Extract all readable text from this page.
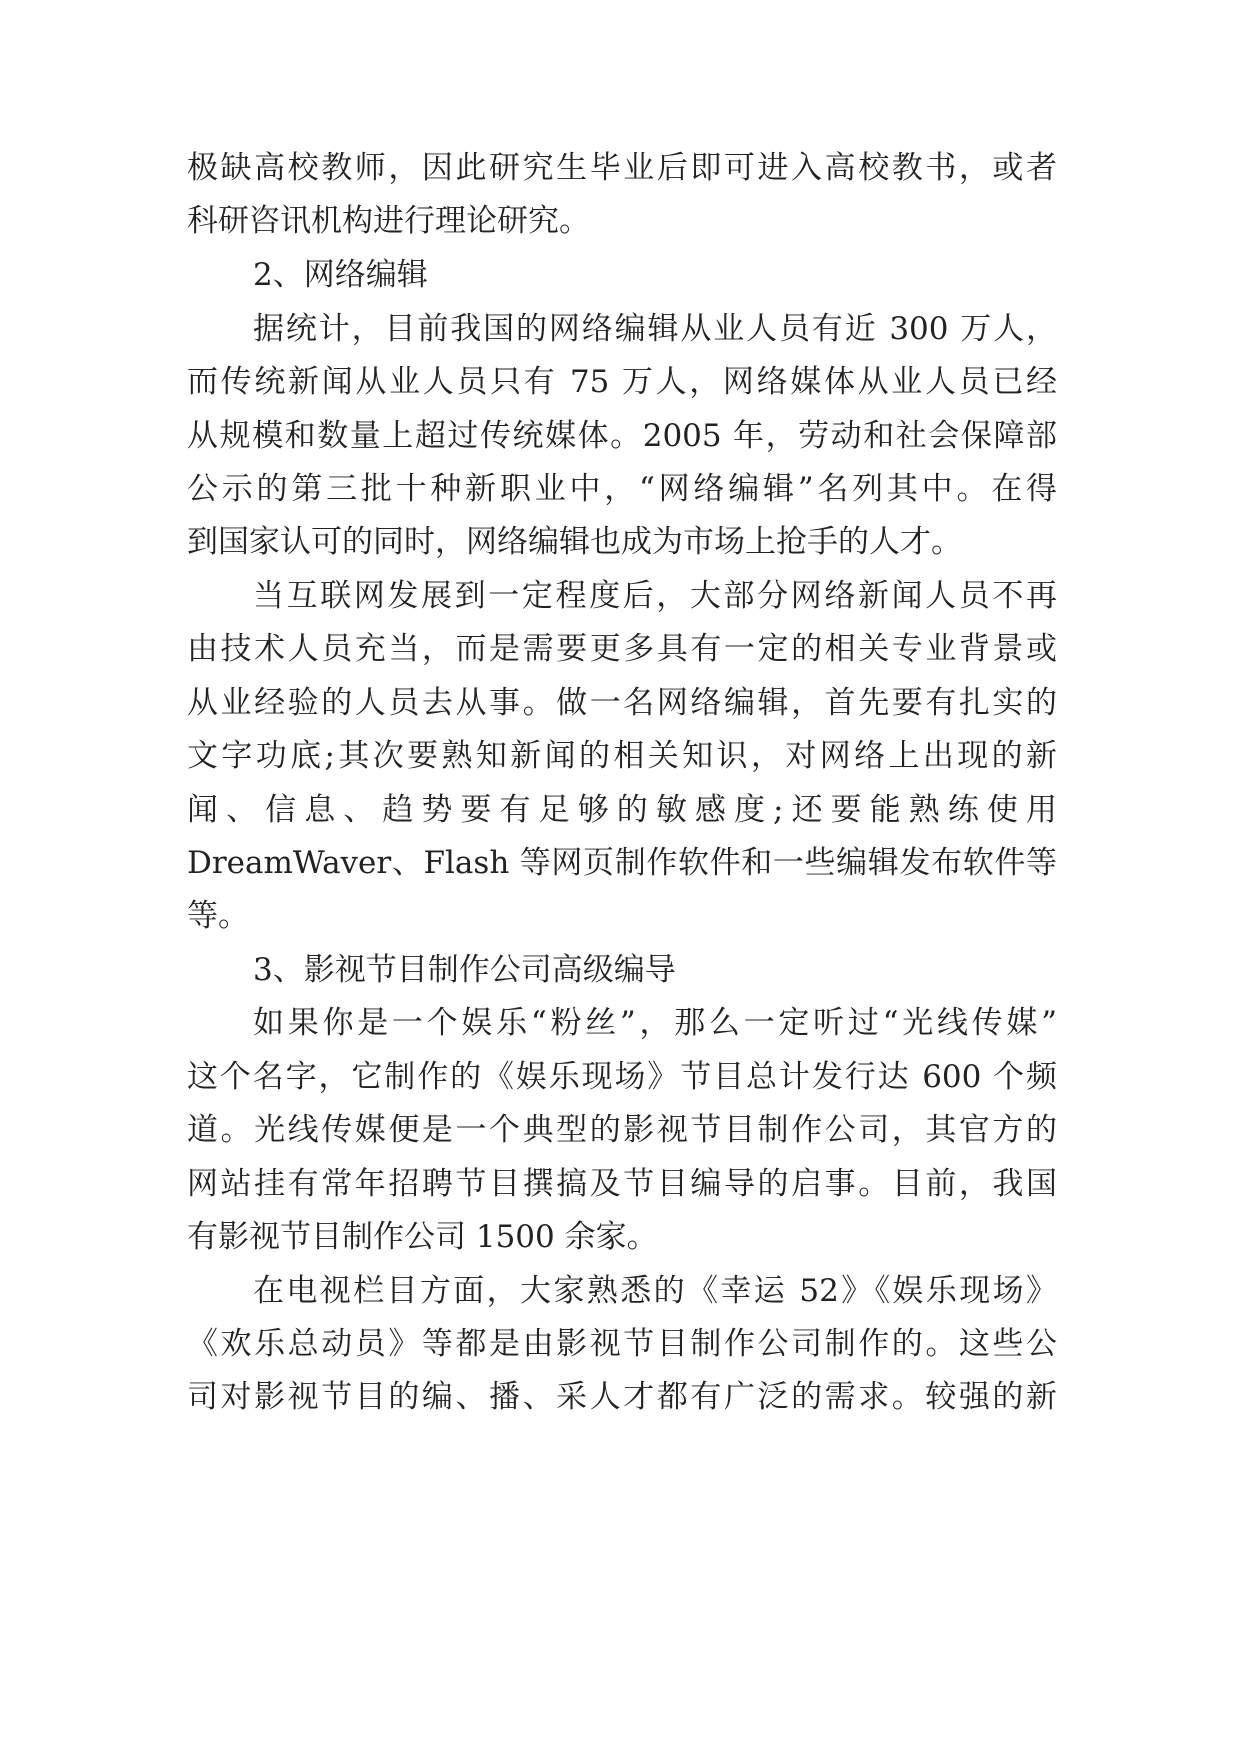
极缺高校教师，因此研究生毕业后即可进入高校教书，或者
科研咨讯机构进行理论研究。
2、网络编辑
据统计，目前我国的网络编辑从业人员有近 300 万人，
而传统新闻从业人员只有 75 万人，网络媒体从业人员已经
从规模和数量上超过传统媒体。2005 年，劳动和社会保障部
公示的第三批十种新职业中，“网络编辑”名列其中。在得
到国家认可的同时，网络编辑也成为市场上抢手的人才。
当互联网发展到一定程度后，大部分网络新闻人员不再
由技术人员充当，而是需要更多具有一定的相关专业背景或
从业经验的人员去从事。做一名网络编辑，首先要有扎实的
文字功底;其次要熟知新闻的相关知识，对网络上出现的新
闻、信息、趋势要有足够的敏感度;还要能熟练使用
DreamWaver、Flash 等网页制作软件和一些编辑发布软件等
等。
3、影视节目制作公司高级编导
如果你是一个娱乐“粉丝”，那么一定听过“光线传媒”
这个名字，它制作的《娱乐现场》节目总计发行达 600 个频
道。光线传媒便是一个典型的影视节目制作公司，其官方的
网站挂有常年招聘节目撰搞及节目编导的启事。目前，我国
有影视节目制作公司 1500 余家。
在电视栏目方面，大家熟悉的《幸运 52》《娱乐现场》
《欢乐总动员》等都是由影视节目制作公司制作的。这些公
司对影视节目的编、播、采人才都有广泛的需求。较强的新
